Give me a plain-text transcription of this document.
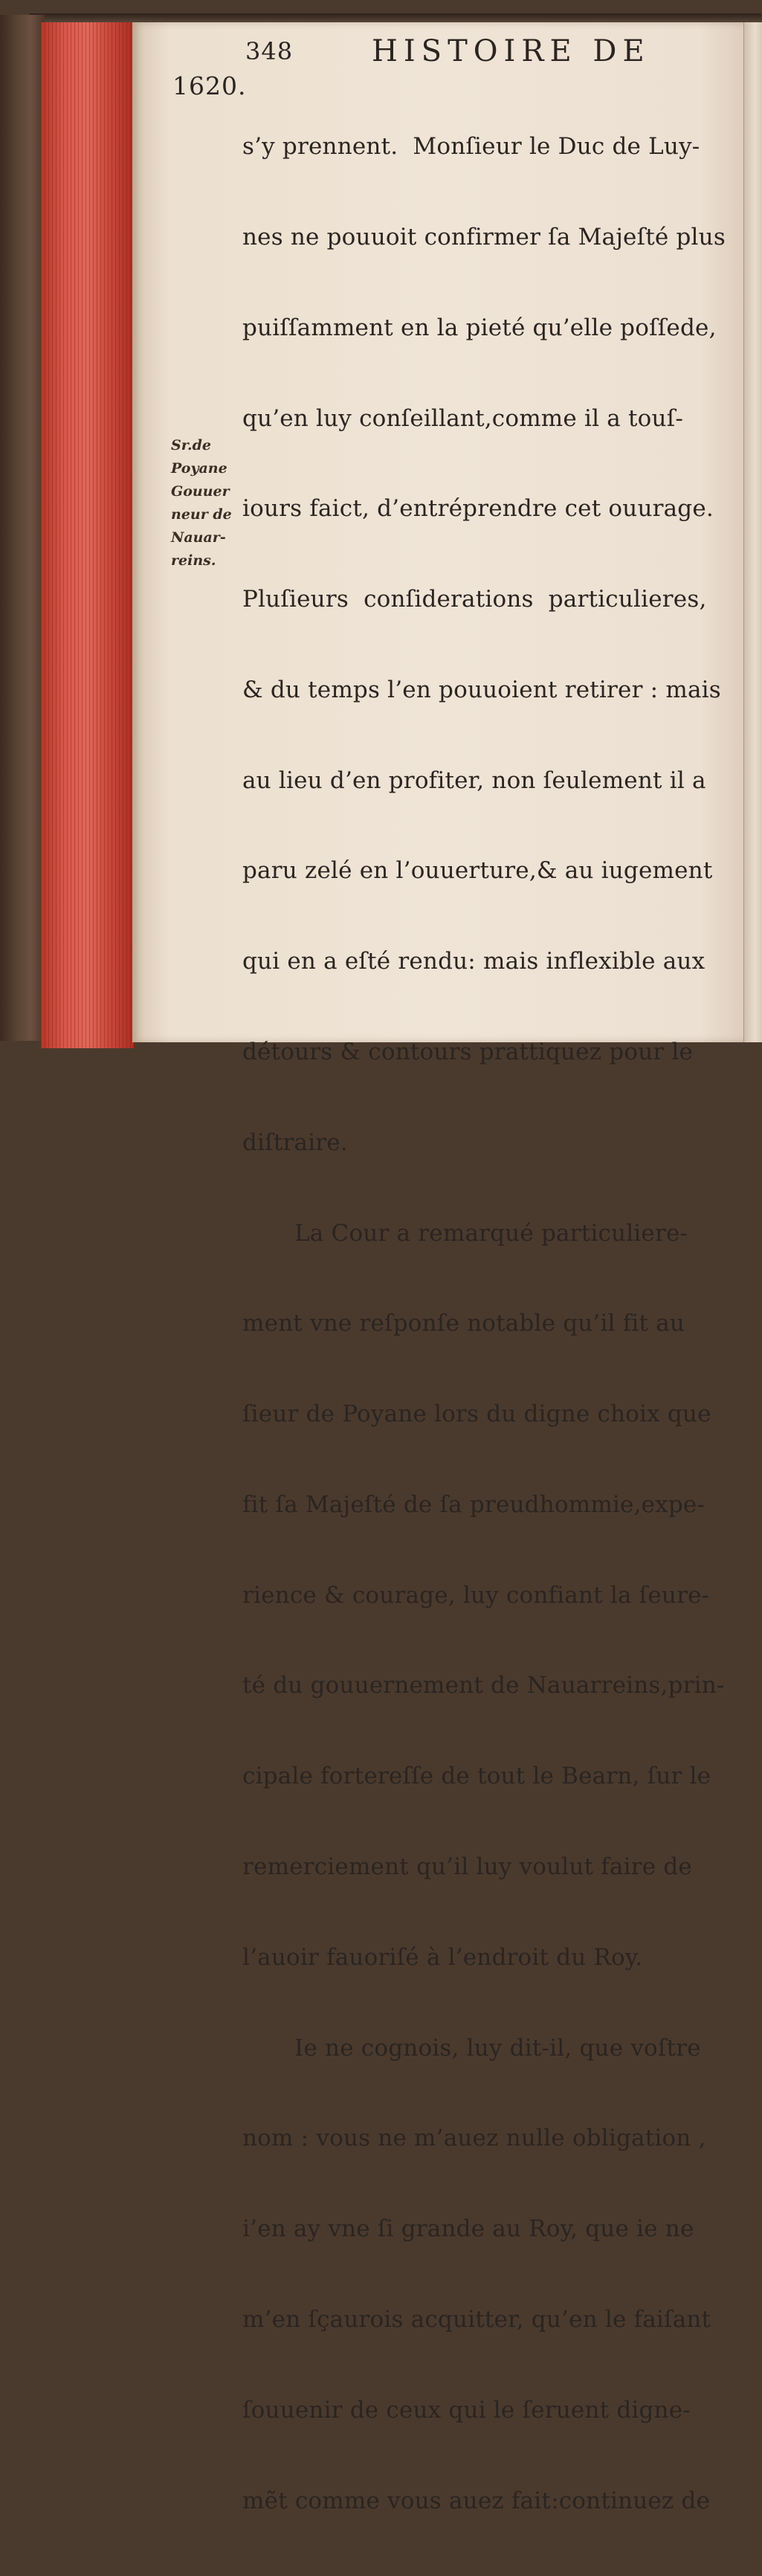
348	HISTOIRE DE
1620.
Sr.de
Poyane
Gouuer
neur de
Nauar-
reins.

s’y prennent.  Monſieur le Duc de Luy-

nes ne pouuoit confirmer ſa Majeſté plus

puiſſamment en la pieté qu’elle poſſede,

qu’en luy conſeillant,comme il a touſ-

iours faict, d’entréprendre cet ouurage.

Pluſieurs  conſiderations  particulieres,

& du temps l’en pouuoient retirer : mais

au lieu d’en profiter, non ſeulement il a

paru zelé en l’ouuerture,& au iugement

qui en a eſté rendu: mais inflexible aux

détours & contours prattiquez pour le

diſtraire.

La Cour a remarqué particuliere-

ment vne reſponſe notable qu’il fit au

ſieur de Poyane lors du digne choix que

fit ſa Majeſté de ſa preudhommie,expe-

rience & courage, luy confiant la ſeure-

té du gouuernement de Nauarreins,prin-

cipale fortereſſe de tout le Bearn, ſur le

remerciement qu’il luy voulut faire de

l’auoir fauoriſé à l’endroit du Roy.

Ie ne cognois, luy dit-il, que voſtre

nom : vous ne m’auez nulle obligation ,

i’en ay vne ſi grande au Roy, que ie ne

m’en ſçaurois acquitter, qu’en le faiſant

ſouuenir de ceux qui le ſeruent digne-

mẽt comme vous auez fait:continuez de
